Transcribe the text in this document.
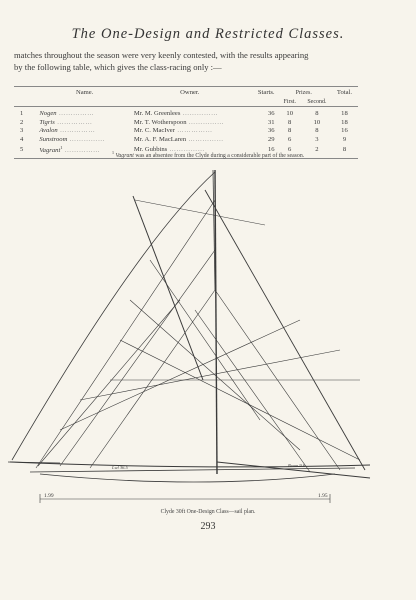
The One-Design and Restricted Classes.
matches throughout the season were very keenly contested, with the results appearing
by the following table, which gives the class-racing only :—
	Name.	Owner.	Starts.	Prizes.		Total.
				First.	Second.	
1	Nogen ……………	Mr. M. Greenlees ……………	36	10	8	18
2	Tigris ……………	Mr. T. Wotherspoon ……………	31	8	10	18
3	Avalon ……………	Mr. C. MacIver ……………	36	8	8	16
4	Sunstroom ……………	Mr. A. F. MacLaren ……………	29	6	3	9
5	Vagrant$^1$ ……………	Mr. Gubbins ……………	16	6	2	8
$^1$ Vagrant was an absentee from the Clyde during a considerable part of the season.
Lwl 36.5	Beam 9.6
1.99	1.95
Clyde 30ft One-Design Class—sail plan.
293
